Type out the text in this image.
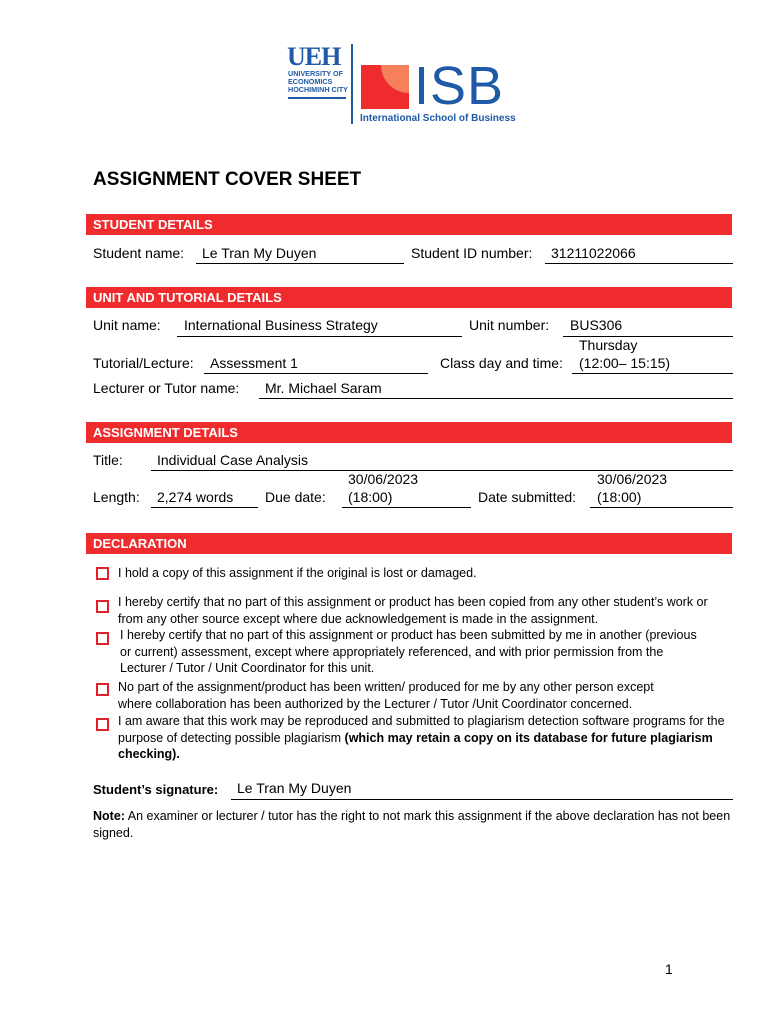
UEH
UNIVERSITY OF
ECONOMICS
HOCHIMINH CITY ISB
International School of Business
ASSIGNMENT COVER SHEET
STUDENT DETAILS
Student name: Le Tran My Duyen	Student ID number: 31211022066
UNIT AND TUTORIAL DETAILS
Unit name: International Business Strategy	Unit number: BUS306
Tutorial/Lecture: Assessment 1	Class day and time:
Thursday
(12:00– 15:15)
Lecturer or Tutor name: Mr. Michael Saram
ASSIGNMENT DETAILS
Title: Individual Case Analysis
Length: 2,274 words Due date:
30/06/2023
(18:00)	Date submitted:
30/06/2023
(18:00)
DECLARATION
I hold a copy of this assignment if the original is lost or damaged.
I hereby certify that no part of this assignment or product has been copied from any other student’s work or from any other source except where due acknowledgement is made in the assignment.
I hereby certify that no part of this assignment or product has been submitted by me in another (previous or current) assessment, except where appropriately referenced, and with prior permission from the Lecturer / Tutor / Unit Coordinator for this unit.
No part of the assignment/product has been written/ produced for me by any other person except where collaboration has been authorized by the Lecturer / Tutor /Unit Coordinator concerned.
I am aware that this work may be reproduced and submitted to plagiarism detection software programs for the purpose of detecting possible plagiarism (which may retain a copy on its database for future plagiarism checking).
Student’s signature: Le Tran My Duyen
Note: An examiner or lecturer / tutor has the right to not mark this assignment if the above declaration has not been signed.
1
